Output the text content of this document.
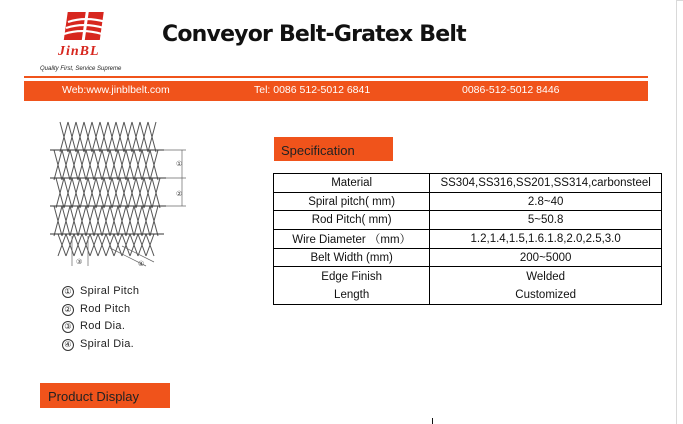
JinBL
Quality First, Service Supreme
Conveyor Belt-Gratex Belt
Web:www.jinblbelt.com	Tel: 0086 512-5012 6841	0086-512-5012 8446
①
②
③	④
① Spiral Pitch
② Rod Pitch
③ Rod Dia.
④ Spiral Dia.
Specification
Material	SS304,SS316,SS201,SS314,carbonsteel
Spiral pitch( mm)	2.8~40
Rod Pitch( mm)	5~50.8
Wire Diameter （mm）	1.2,1.4,1.5,1.6.1.8,2.0,2.5,3.0
Belt Width (mm)	200~5000
Edge Finish	Welded
Length	Customized
Product Display
